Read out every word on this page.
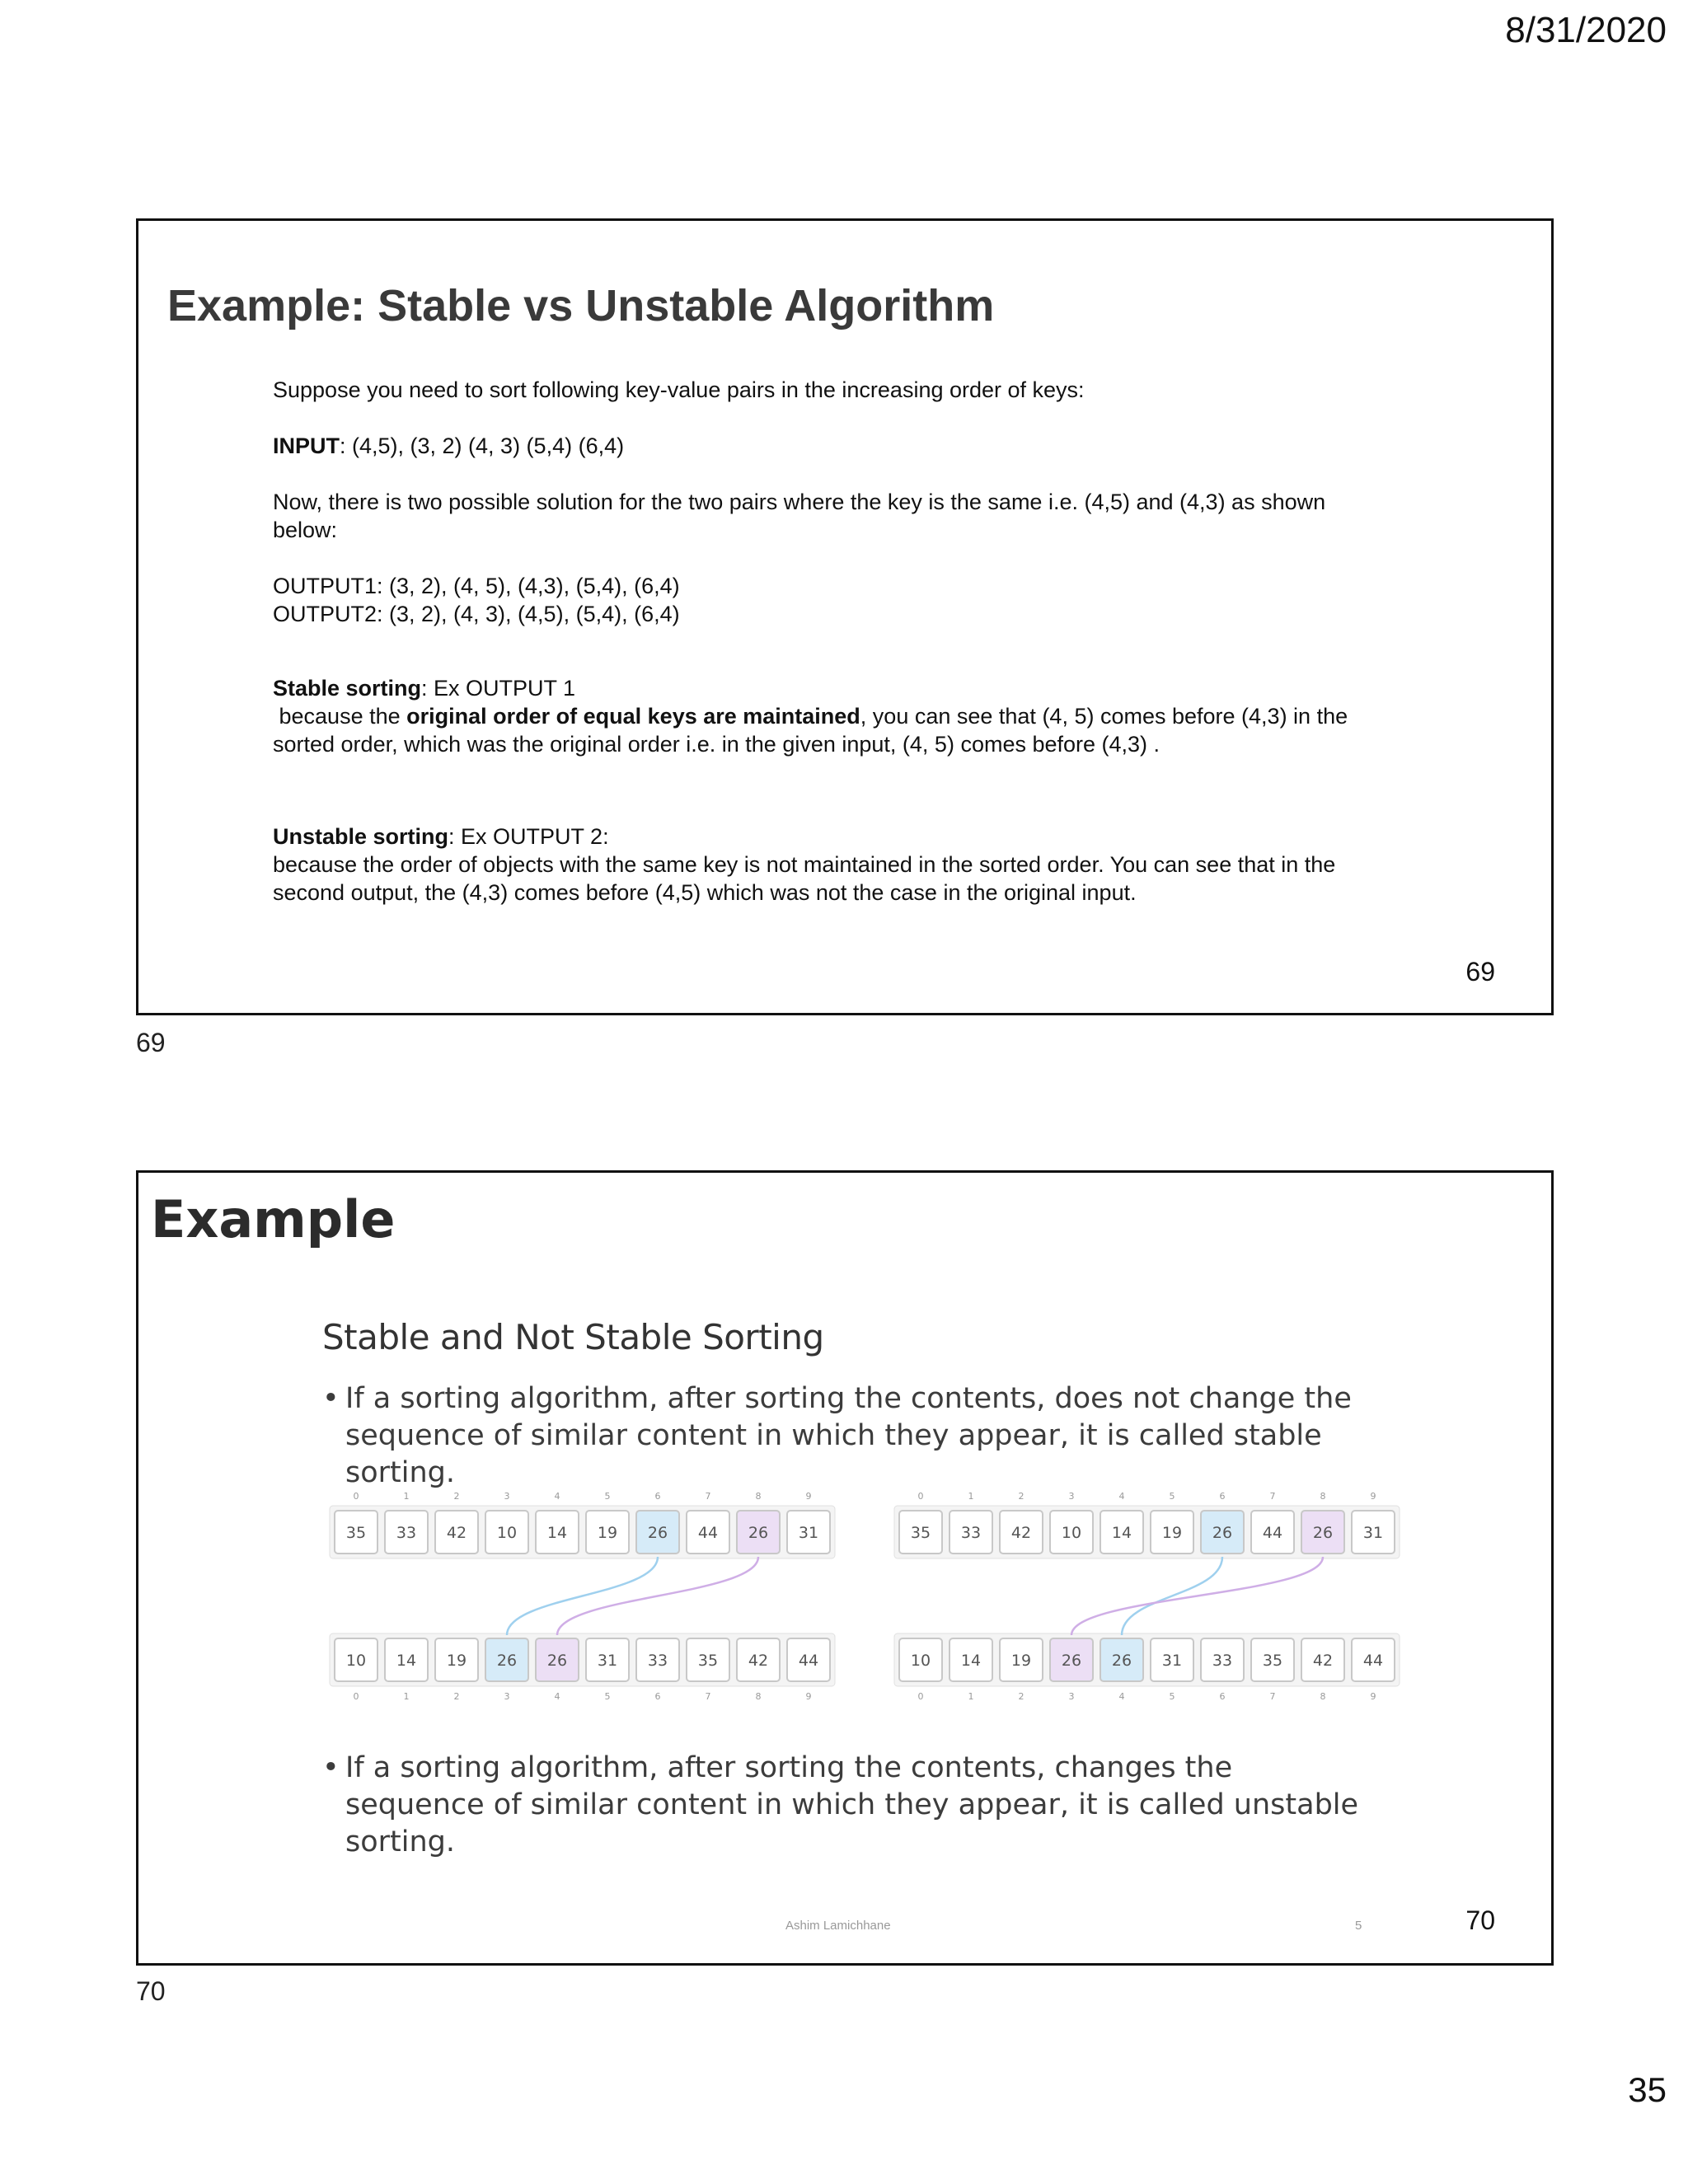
8/31/2020
Example: Stable vs Unstable Algorithm

Suppose you need to sort following key-value pairs in the increasing order of keys:

INPUT: (4,5), (3, 2) (4, 3) (5,4) (6,4)

Now, there is two possible solution for the two pairs where the key is the same i.e. (4,5) and (4,3) as shown

below:

OUTPUT1: (3, 2), (4, 5), (4,3), (5,4), (6,4)

OUTPUT2: (3, 2), (4, 3), (4,5), (5,4), (6,4)

Stable sorting: Ex OUTPUT 1

because the original order of equal keys are maintained, you can see that (4, 5) comes before (4,3) in the

sorted order, which was the original order i.e. in the given input, (4, 5) comes before (4,3) .

Unstable sorting: Ex OUTPUT 2:

because the order of objects with the same key is not maintained in the sorted order. You can see that in the

second output, the (4,3) comes before (4,5) which was not the case in the original input.

69
69
Example
Stable and Not Stable Sorting
• If a sorting algorithm, after sorting the contents, does not change the
sequence of similar content in which they appear, it is called stable
sorting.
35
0
33
1
42
2
10
3
14
4
19
5
26
6
44
7
26
8
31
9
10
0
14
1
19
2
26
3
26
4
31
5
33
6
35
7
42
8
44
9
35
0
33
1
42
2
10
3
14
4
19
5
26
6
44
7
26
8
31
9
10
0
14
1
19
2
26
3
26
4
31
5
33
6
35
7
42
8
44
9
• If a sorting algorithm, after sorting the contents, changes the
sequence of similar content in which they appear, it is called unstable
sorting.
Ashim Lamichhane	5	70
70
35
